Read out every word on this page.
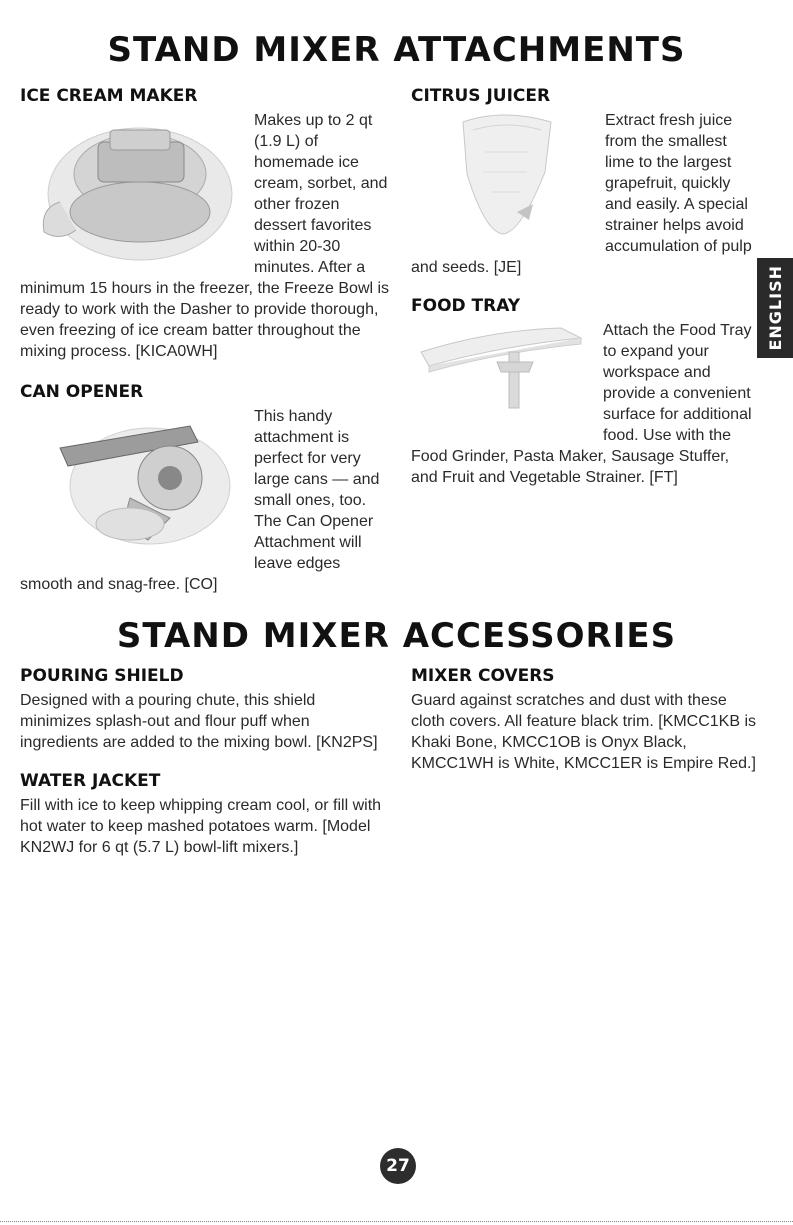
STAND MIXER ATTACHMENTS
ICE CREAM MAKER

Makes up to 2 qt (1.9 L) of homemade ice cream, sorbet, and other frozen dessert favorites within 20-30 minutes. After a minimum 15 hours in the freezer, the Freeze Bowl is ready to work with the Dasher to provide thorough, even freezing of ice cream batter throughout the mixing process. [KICA0WH]

CAN OPENER

This handy attachment is perfect for very large cans — and small ones, too. The Can Opener Attachment will leave edges smooth and snag-free. [CO]

CITRUS JUICER

Extract fresh juice from the smallest lime to the largest grapefruit, quickly and easily. A special strainer helps avoid accumulation of pulp and seeds. [JE]

FOOD TRAY

Attach the Food Tray to expand your workspace and provide a convenient surface for additional food. Use with the Food Grinder, Pasta Maker, Sausage Stuffer, and Fruit and Vegetable Strainer. [FT]

STAND MIXER ACCESSORIES
POURING SHIELD

Designed with a pouring chute, this shield minimizes splash-out and flour puff when ingredients are added to the mixing bowl. [KN2PS]

WATER JACKET

Fill with ice to keep whipping cream cool, or fill with hot water to keep mashed potatoes warm. [Model KN2WJ for 6 qt (5.7 L) bowl-lift mixers.]

MIXER COVERS

Guard against scratches and dust with these cloth covers. All feature black trim. [KMCC1KB is Khaki Bone, KMCC1OB is Onyx Black, KMCC1WH is White, KMCC1ER is Empire Red.]

ENGLISH
27
